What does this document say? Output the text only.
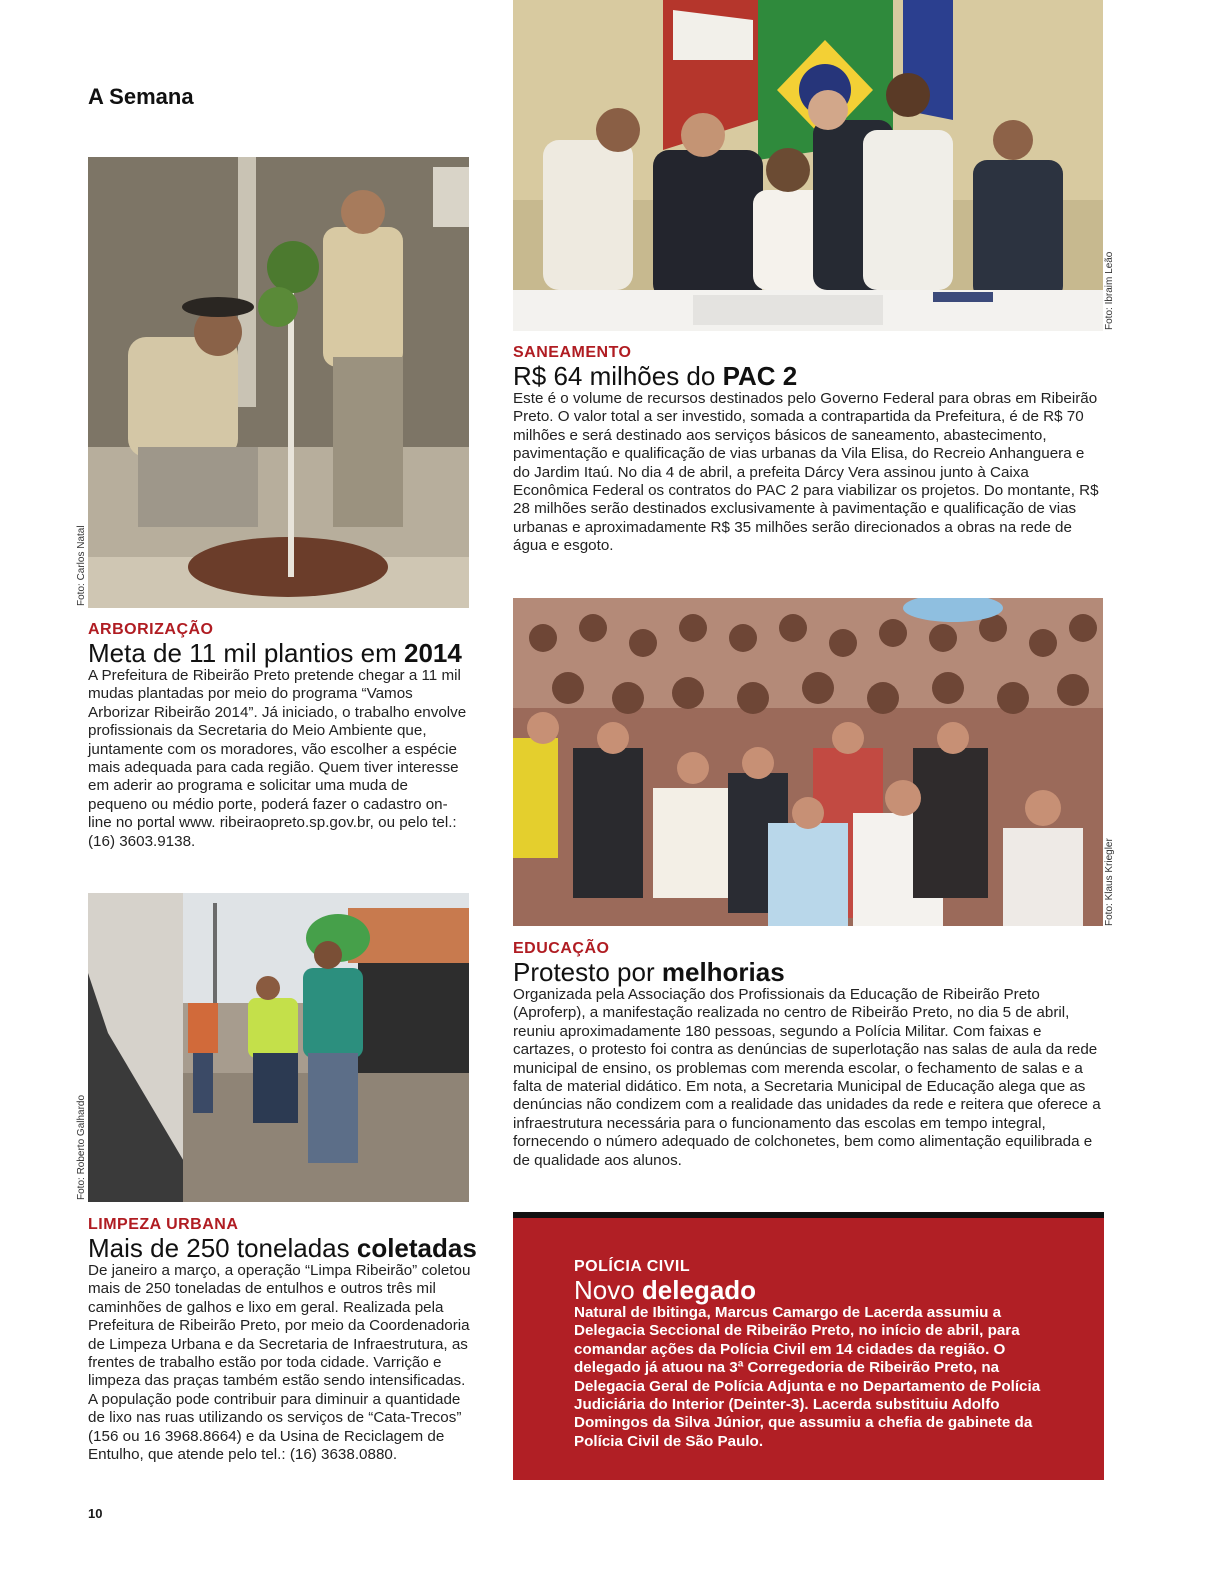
A Semana
Foto: Carlos Natal
Foto: Ibraim Leão
SANEAMENTO
R$ 64 milhões do PAC 2

Este é o volume de recursos destinados pelo Governo Federal para obras em Ribeirão Preto. O valor total a ser investido, somada a contrapartida da Prefeitura, é de R$ 70 milhões e será destinado aos serviços básicos de saneamento, abastecimento, pavimentação e qualificação de vias urbanas da Vila Elisa, do Recreio Anhanguera e do Jardim Itaú. No dia 4 de abril, a prefeita Dárcy Vera assinou junto à Caixa Econômica Federal os contratos do PAC 2 para viabilizar os projetos. Do montante, R$ 28 milhões serão destinados exclusivamente à pavimentação e qualificação de vias urbanas e aproximadamente R$ 35 milhões serão direcionados a obras na rede de água e esgoto.

ARBORIZAÇÃO
Meta de 11 mil plantios em 2014

A Prefeitura de Ribeirão Preto pretende chegar a 11 mil mudas plantadas por meio do programa “Vamos Arborizar Ribeirão 2014”. Já iniciado, o trabalho envolve profissionais da Secretaria do Meio Ambiente que, juntamente com os moradores, vão escolher a espécie mais adequada para cada região. Quem tiver interesse em aderir ao programa e solicitar uma muda de pequeno ou médio porte, poderá fazer o cadastro on-line no portal www. ribeiraopreto.sp.gov.br, ou pelo tel.: (16) 3603.9138.	Foto: Klaus Kriegler
EDUCAÇÃO
Protesto por melhorias

Organizada pela Associação dos Profissionais da Educação de Ribeirão Preto (Aproferp), a manifestação realizada no centro de Ribeirão Preto, no dia 5 de abril, reuniu aproximadamente 180 pessoas, segundo a Polícia Militar. Com faixas e cartazes, o protesto foi contra as denúncias de superlotação nas salas de aula da rede municipal de ensino, os problemas com merenda escolar, o fechamento de salas e a falta de material didático. Em nota, a Secretaria Municipal de Educação alega que as denúncias não condizem com a realidade das unidades da rede e reitera que oferece a infraestrutura necessária para o funcionamento das escolas em tempo integral, fornecendo o número adequado de colchonetes, bem como alimentação equilibrada e de qualidade aos alunos.

Foto: Roberto Galhardo
LIMPEZA URBANA
Mais de 250 toneladas coletadas

De janeiro a março, a operação “Limpa Ribeirão” coletou mais de 250 toneladas de entulhos e outros três mil caminhões de galhos e lixo em geral. Realizada pela Prefeitura de Ribeirão Preto, por meio da Coordenadoria de Limpeza Urbana e da Secretaria de Infraestrutura, as frentes de trabalho estão por toda cidade. Varrição e limpeza das praças também estão sendo intensificadas. A população pode contribuir para diminuir a quantidade de lixo nas ruas utilizando os serviços de “Cata-Trecos” (156 ou 16 3968.8664) e da Usina de Reciclagem de Entulho, que atende pelo tel.: (16) 3638.0880.

POLÍCIA CIVIL
Novo delegado

Natural de Ibitinga, Marcus Camargo de Lacerda assumiu a Delegacia Seccional de Ribeirão Preto, no início de abril, para comandar ações da Polícia Civil em 14 cidades da região. O delegado já atuou na 3ª Corregedoria de Ribeirão Preto, na Delegacia Geral de Polícia Adjunta e no Departamento de Polícia Judiciária do Interior (Deinter-3). Lacerda substituiu Adolfo Domingos da Silva Júnior, que assumiu a chefia de gabinete da Polícia Civil de São Paulo.

10
